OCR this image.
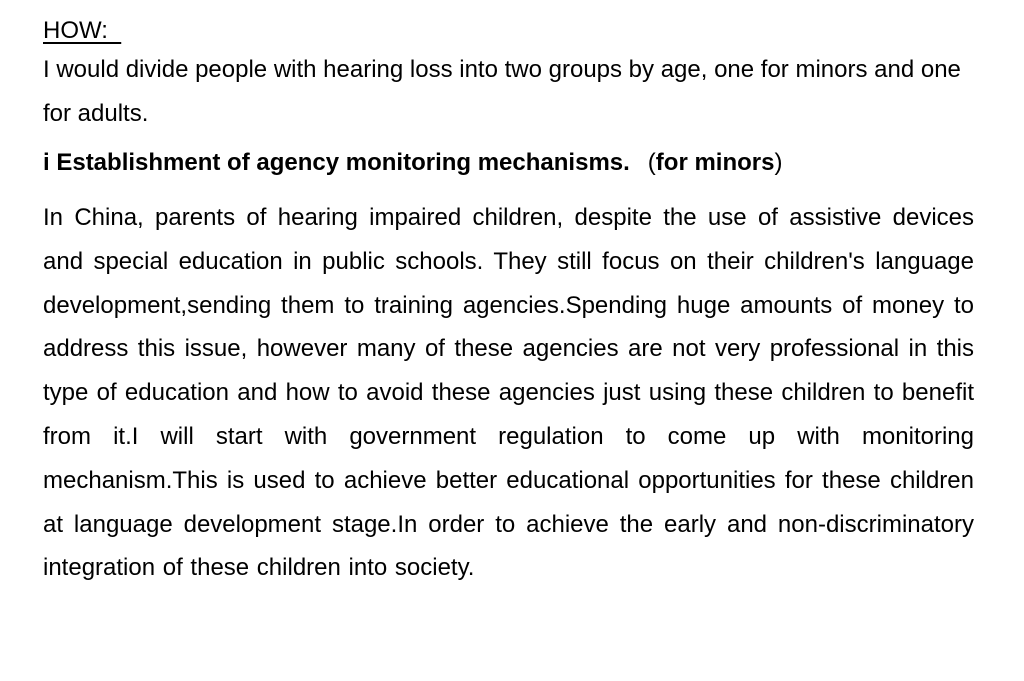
HOW:

I would divide people with hearing loss into two groups by age, one for minors and one for adults.

i Establishment of agency monitoring mechanisms. (for minors)

In China, parents of hearing impaired children, despite the use of assistive devices and special education in public schools. They still focus on their children's language development,sending them to training agencies.Spending huge amounts of money to address this issue, however many of these agencies are not very professional in this type of education and how to avoid these agencies just using these children to benefit from it.I will start with government regulation to come up with monitoring mechanism.This is used to achieve better educational opportunities for these children at language development stage.In order to achieve the early and non-discriminatory integration of these children into society.
